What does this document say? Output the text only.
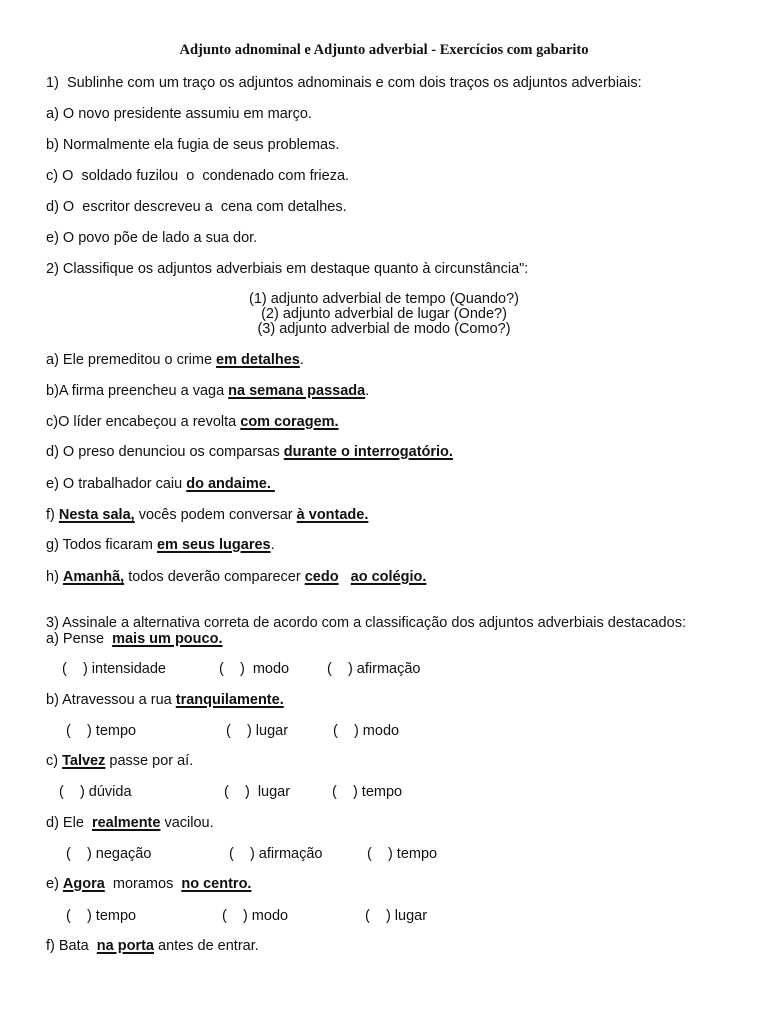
Adjunto adnominal e Adjunto adverbial - Exercícios com gabarito
1)  Sublinhe com um traço os adjuntos adnominais e com dois traços os adjuntos adverbiais:
a) O novo presidente assumiu em março.
b) Normalmente ela fugia de seus problemas.
c) O  soldado fuzilou  o  condenado com frieza.
d) O  escritor descreveu a  cena com detalhes.
e) O povo põe de lado a sua dor.
2) Classifique os adjuntos adverbiais em destaque quanto à circunstância":
(1) adjunto adverbial de tempo (Quando?)
(2) adjunto adverbial de lugar (Onde?)
(3) adjunto adverbial de modo (Como?)
a) Ele premeditou o crime em detalhes.
b)A firma preencheu a vaga na semana passada.
c)O líder encabeçou a revolta com coragem.
d) O preso denunciou os comparsas durante o interrogatório.
e) O trabalhador caiu do andaime.
f) Nesta sala, vocês podem conversar à vontade.
g) Todos ficaram em seus lugares.
h) Amanhã, todos deverão comparecer cedo ao colégio.
3) Assinale a alternativa correta de acordo com a classificação dos adjuntos adverbiais destacados:
a) Pense  mais um pouco.
(    ) intensidade	(    )  modo	(    ) afirmação
b) Atravessou a rua tranquilamente.
(    ) tempo	(    ) lugar	(    ) modo
c) Talvez passe por aí.
(    ) dúvida	(    )  lugar	(    ) tempo
d) Ele  realmente vacilou.
(    ) negação	(    ) afirmação	(    ) tempo
e) Agora  moramos  no centro.
(    ) tempo	(    ) modo	(    ) lugar
f) Bata  na porta antes de entrar.
